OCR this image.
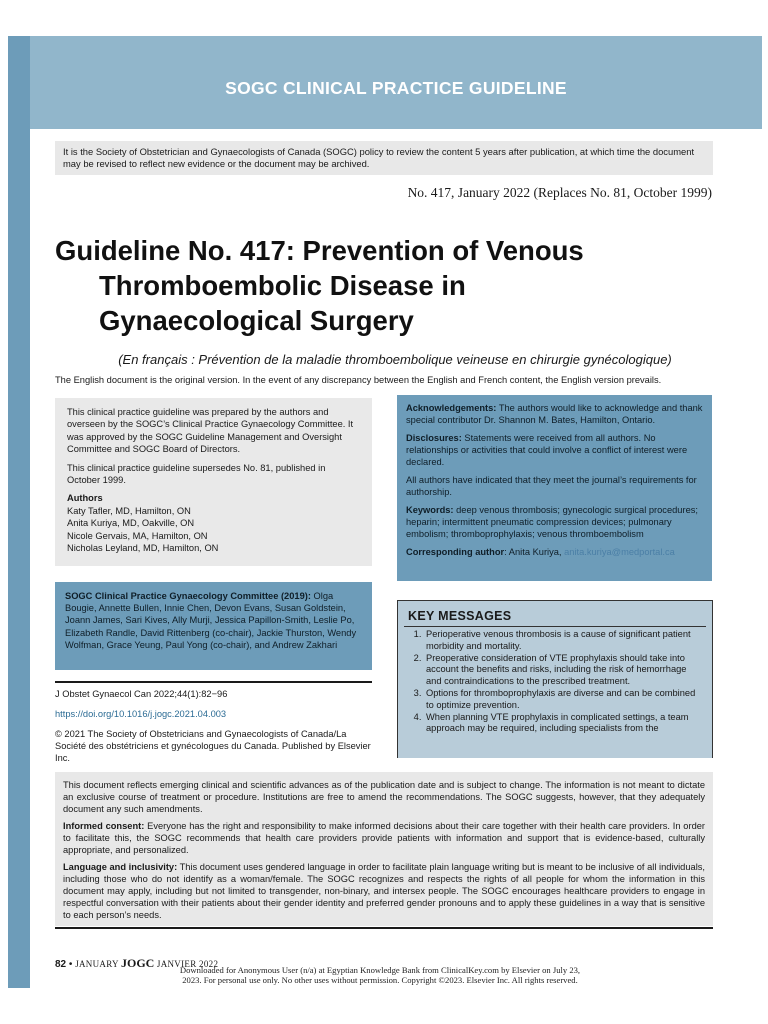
SOGC CLINICAL PRACTICE GUIDELINE
It is the Society of Obstetrician and Gynaecologists of Canada (SOGC) policy to review the content 5 years after publication, at which time the document may be revised to reflect new evidence or the document may be archived.
No. 417, January 2022 (Replaces No. 81, October 1999)
Guideline No. 417: Prevention of Venous
Thromboembolic Disease in
Gynaecological Surgery
(En français : Prévention de la maladie thromboembolique veineuse en chirurgie gynécologique)
The English document is the original version. In the event of any discrepancy between the English and French content, the English version prevails.

This clinical practice guideline was prepared by the authors and overseen by the SOGC’s Clinical Practice Gynaecology Committee. It was approved by the SOGC Guideline Management and Oversight Committee and SOGC Board of Directors.

This clinical practice guideline supersedes No. 81, published in October 1999.

Authors
Katy Tafler, MD, Hamilton, ON
Anita Kuriya, MD, Oakville, ON
Nicole Gervais, MA, Hamilton, ON
Nicholas Leyland, MD, Hamilton, ON

Acknowledgements: The authors would like to acknowledge and thank special contributor Dr. Shannon M. Bates, Hamilton, Ontario.

Disclosures: Statements were received from all authors. No relationships or activities that could involve a conflict of interest were declared.

All authors have indicated that they meet the journal’s requirements for authorship.

Keywords: deep venous thrombosis; gynecologic surgical procedures; heparin; intermittent pneumatic compression devices; pulmonary embolism; thromboprophylaxis; venous thromboembolism

Corresponding author: Anita Kuriya, anita.kuriya@medportal.ca

SOGC Clinical Practice Gynaecology Committee (2019): Olga Bougie, Annette Bullen, Innie Chen, Devon Evans, Susan Goldstein, Joann James, Sari Kives, Ally Murji, Jessica Papillon-Smith, Leslie Po, Elizabeth Randle, David Rittenberg (co-chair), Jackie Thurston, Wendy Wolfman, Grace Yeung, Paul Yong (co-chair), and Andrew Zakhari

J Obstet Gynaecol Can 2022;44(1):82−96

https://doi.org/10.1016/j.jogc.2021.04.003

© 2021 The Society of Obstetricians and Gynaecologists of Canada/La Société des obstétriciens et gynécologues du Canada. Published by Elsevier Inc.

KEY MESSAGES
1. Perioperative venous thrombosis is a cause of significant patient morbidity and mortality.
2. Preoperative consideration of VTE prophylaxis should take into account the benefits and risks, including the risk of hemorrhage and contraindications to the prescribed treatment.
3. Options for thromboprophylaxis are diverse and can be combined to optimize prevention.
4. When planning VTE prophylaxis in complicated settings, a team approach may be required, including specialists from the

This document reflects emerging clinical and scientific advances as of the publication date and is subject to change. The information is not meant to dictate an exclusive course of treatment or procedure. Institutions are free to amend the recommendations. The SOGC suggests, however, that they adequately document any such amendments.

Informed consent: Everyone has the right and responsibility to make informed decisions about their care together with their health care providers. In order to facilitate this, the SOGC recommends that health care providers provide patients with information and support that is evidence-based, culturally appropriate, and personalized.

Language and inclusivity: This document uses gendered language in order to facilitate plain language writing but is meant to be inclusive of all individuals, including those who do not identify as a woman/female. The SOGC recognizes and respects the rights of all people for whom the information in this document may apply, including but not limited to transgender, non-binary, and intersex people. The SOGC encourages healthcare providers to engage in respectful conversation with their patients about their gender identity and preferred gender pronouns and to apply these guidelines in a way that is sensitive to each person’s needs.

82 • JANUARY JOGC JANVIER 2022
Downloaded for Anonymous User (n/a) at Egyptian Knowledge Bank from ClinicalKey.com by Elsevier on July 23,
2023. For personal use only. No other uses without permission. Copyright ©2023. Elsevier Inc. All rights reserved.
